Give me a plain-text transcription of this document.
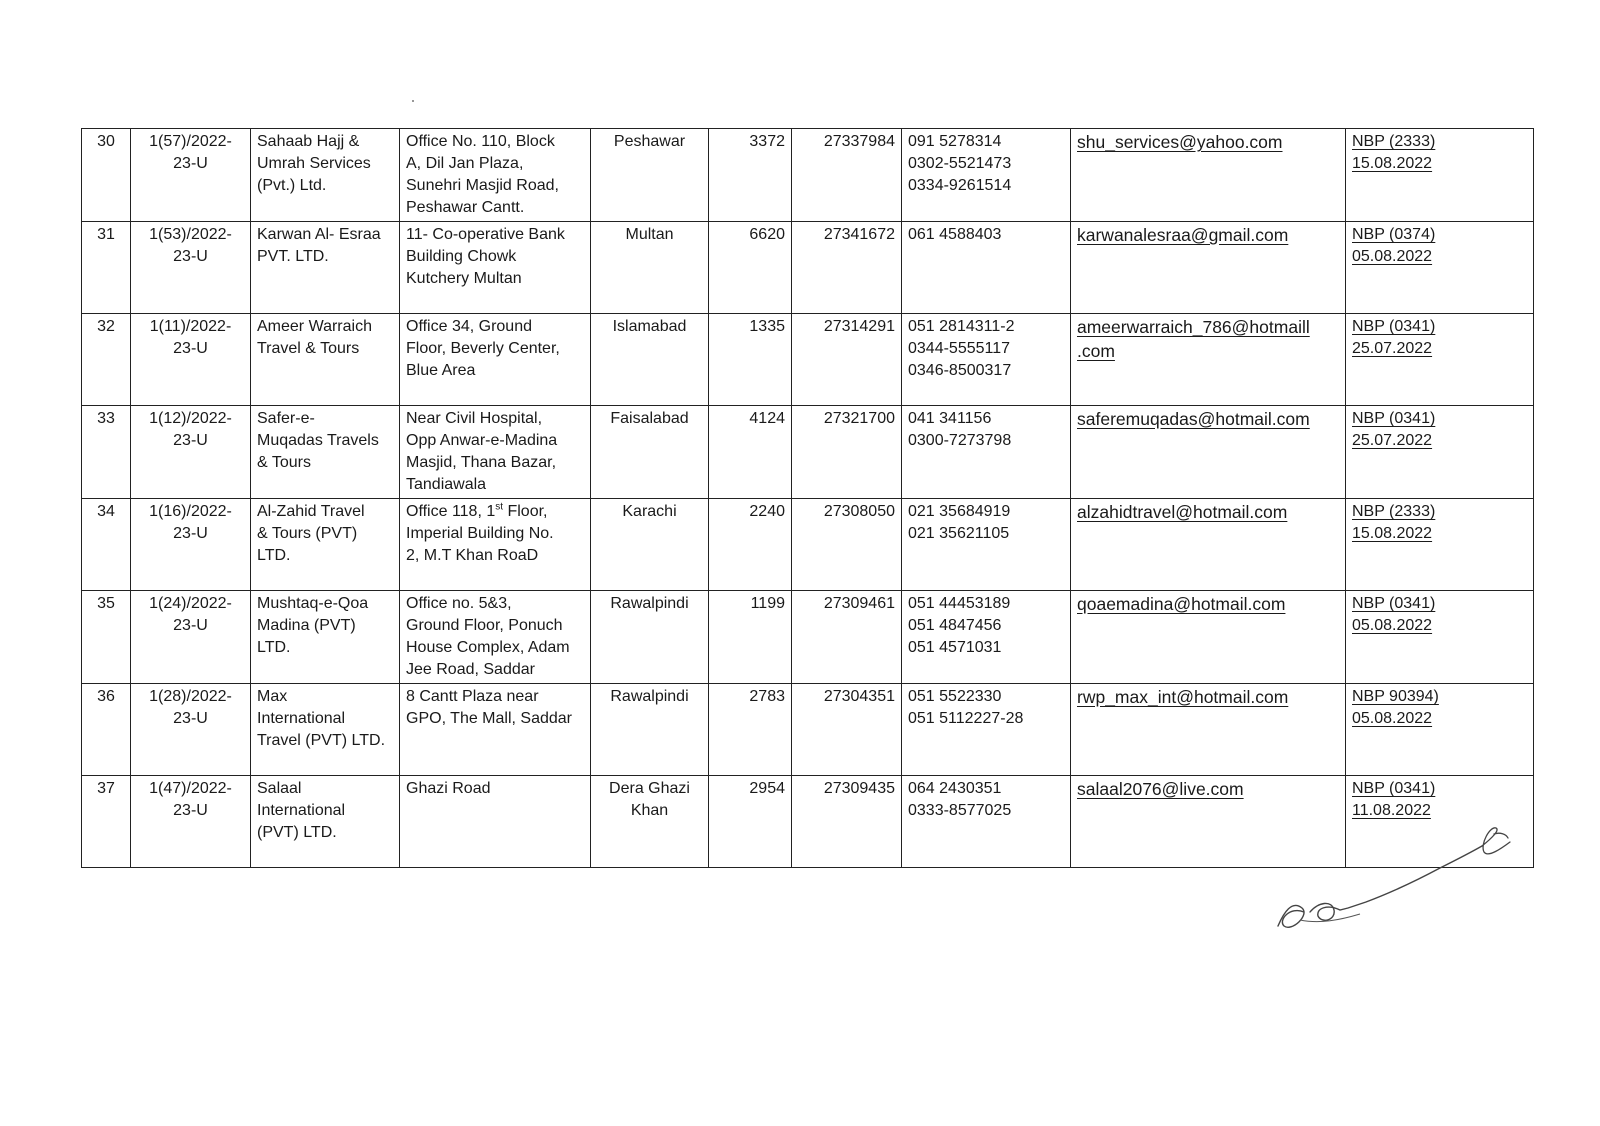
30	1(57)/2022-
23-U	Sahaab Hajj &
Umrah Services
(Pvt.) Ltd.	Office No. 110, Block
A, Dil Jan Plaza,
Sunehri Masjid Road,
Peshawar Cantt.	Peshawar	3372	27337984	091 5278314
0302-5521473
0334-9261514	shu_services@yahoo.com	NBP (2333)
15.08.2022
31	1(53)/2022-
23-U	Karwan Al- Esraa
PVT. LTD.	11- Co-operative Bank
Building Chowk
Kutchery Multan	Multan	6620	27341672	061 4588403	karwanalesraa@gmail.com	NBP (0374)
05.08.2022
32	1(11)/2022-
23-U	Ameer Warraich
Travel & Tours	Office 34, Ground
Floor, Beverly Center,
Blue Area	Islamabad	1335	27314291	051 2814311-2
0344-5555117
0346-8500317	ameerwarraich_786@hotmaill
.com	NBP (0341)
25.07.2022
33	1(12)/2022-
23-U	Safer-e-
Muqadas Travels
& Tours	Near Civil Hospital,
Opp Anwar-e-Madina
Masjid, Thana Bazar,
Tandiawala	Faisalabad	4124	27321700	041 341156
0300-7273798	saferemuqadas@hotmail.com	NBP (0341)
25.07.2022
34	1(16)/2022-
23-U	Al-Zahid Travel
& Tours (PVT)
LTD.	Office 118, 1st Floor,
Imperial Building No.
2, M.T Khan RoaD	Karachi	2240	27308050	021 35684919
021 35621105	alzahidtravel@hotmail.com	NBP (2333)
15.08.2022
35	1(24)/2022-
23-U	Mushtaq-e-Qoa
Madina (PVT)
LTD.	Office no. 5&3,
Ground Floor, Ponuch
House Complex, Adam
Jee Road, Saddar	Rawalpindi	1199	27309461	051 44453189
051 4847456
051 4571031	qoaemadina@hotmail.com	NBP (0341)
05.08.2022
36	1(28)/2022-
23-U	Max
International
Travel (PVT) LTD.	8 Cantt Plaza near
GPO, The Mall, Saddar	Rawalpindi	2783	27304351	051 5522330
051 5112227-28	rwp_max_int@hotmail.com	NBP 90394)
05.08.2022
37	1(47)/2022-
23-U	Salaal
International
(PVT) LTD.	Ghazi Road	Dera Ghazi
Khan	2954	27309435	064 2430351
0333-8577025	salaal2076@live.com	NBP (0341)
11.08.2022
